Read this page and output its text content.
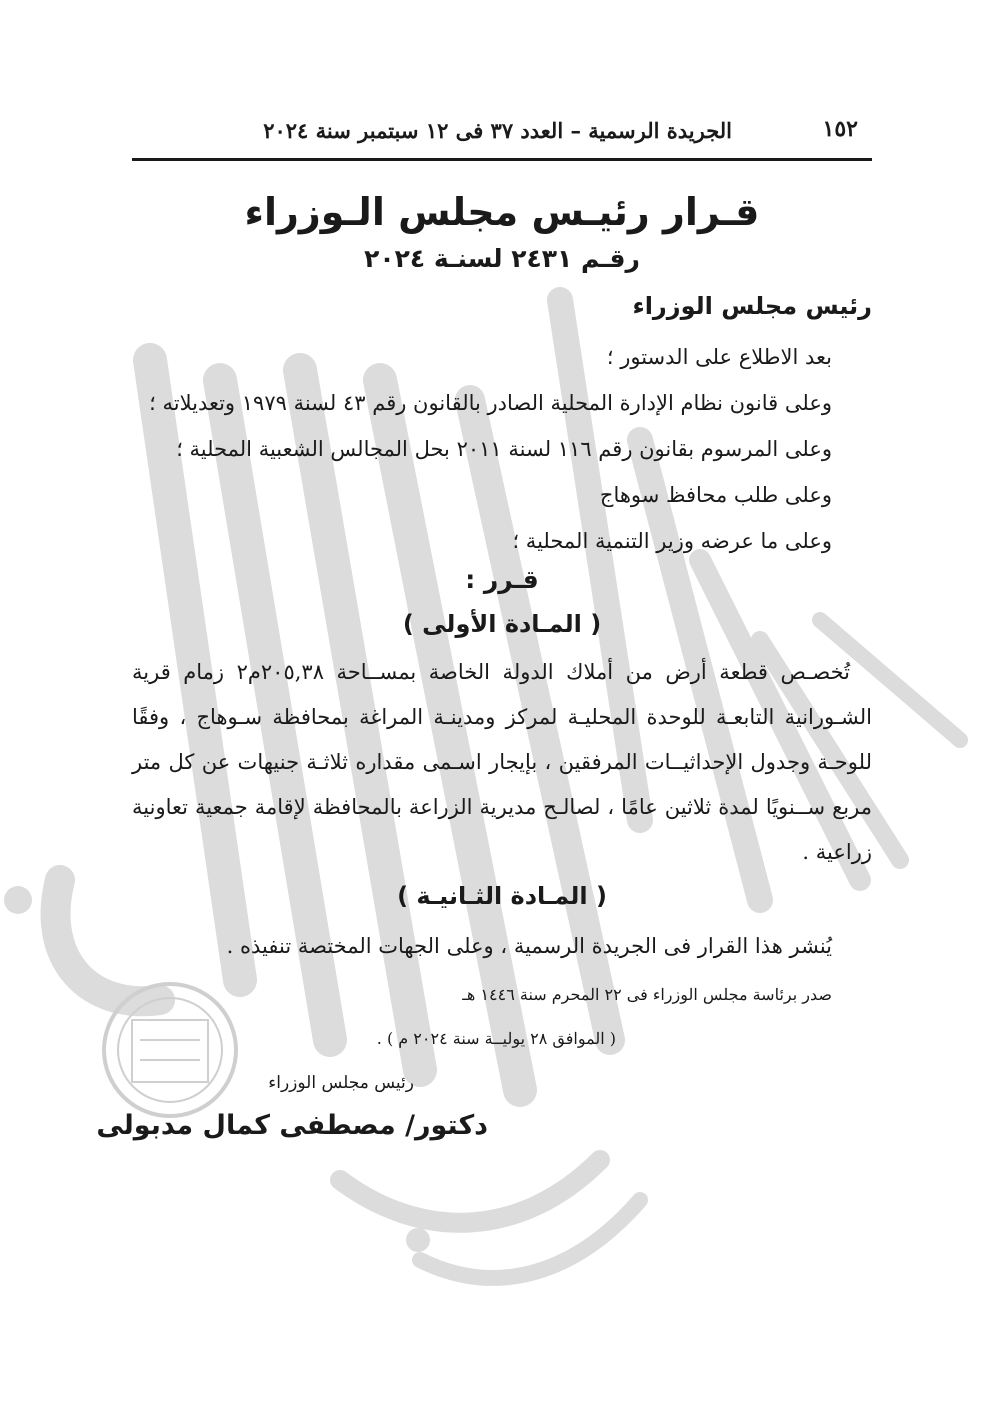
١٥٢
الجريدة الرسمية – العدد ٣٧ فى ١٢ سبتمبر سنة ٢٠٢٤
قـرار رئيـس مجلس الـوزراء
رقـم ٢٤٣١ لسنـة ٢٠٢٤
رئيس مجلس الوزراء
بعد الاطلاع على الدستور ؛
وعلى قانون نظام الإدارة المحلية الصادر بالقانون رقم ٤٣ لسنة ١٩٧٩ وتعديلاته ؛
وعلى المرسوم بقانون رقم ١١٦ لسنة ٢٠١١ بحل المجالس الشعبية المحلية ؛
وعلى طلب محافظ سوهاج
وعلى ما عرضه وزير التنمية المحلية ؛
قـرر :
( المـادة الأولى )

تُخصـص قطعة أرض من أملاك الدولة الخاصة بمســاحة ٢٠٥,٣٨م٢ زمام قرية الشـورانية التابعـة للوحدة المحليـة لمركز ومدينـة المراغة بمحافظة سـوهاج ، وفقًا للوحـة وجدول الإحداثيــات المرفقين ، بإيجار اسـمى مقداره ثلاثـة جنيهات عن كل متر مربع ســنويًا لمدة ثلاثين عامًا ، لصالـح مديرية الزراعة بالمحافظة لإقامة جمعية تعاونية زراعية .

( المـادة الثـانيـة )
يُنشر هذا القرار فى الجريدة الرسمية ، وعلى الجهات المختصة تنفيذه .
صدر برئاسة مجلس الوزراء فى ٢٢ المحرم سنة ١٤٤٦ هـ
( الموافق ٢٨ يوليــة سنة ٢٠٢٤ م ) .
رئيس مجلس الوزراء
دكتور/ مصطفى كمال مدبولى
